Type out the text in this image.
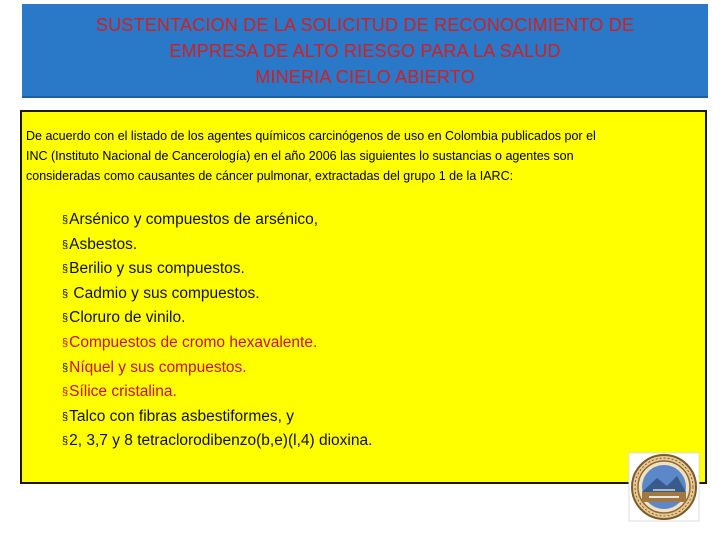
SUSTENTACION DE LA SOLICITUD DE RECONOCIMIENTO DE
EMPRESA DE ALTO RIESGO PARA LA SALUD
MINERIA CIELO ABIERTO
De acuerdo con el listado de los agentes químicos carcinógenos de uso en Colombia publicados por el
INC (Instituto Nacional de Cancerología) en el año 2006 las siguientes lo sustancias o agentes son
consideradas como causantes de cáncer pulmonar, extractadas del grupo 1 de la IARC:
§Arsénico y compuestos de arsénico,
§Asbestos.
§Berilio y sus compuestos.
§ Cadmio y sus compuestos.
§Cloruro de vinilo.
§Compuestos de cromo hexavalente.
§Níquel y sus compuestos.
§Sílice cristalina.
§Talco con fibras asbestiformes, y
§2, 3,7 y 8 tetraclorodibenzo(b,e)(l,4) dioxina.
